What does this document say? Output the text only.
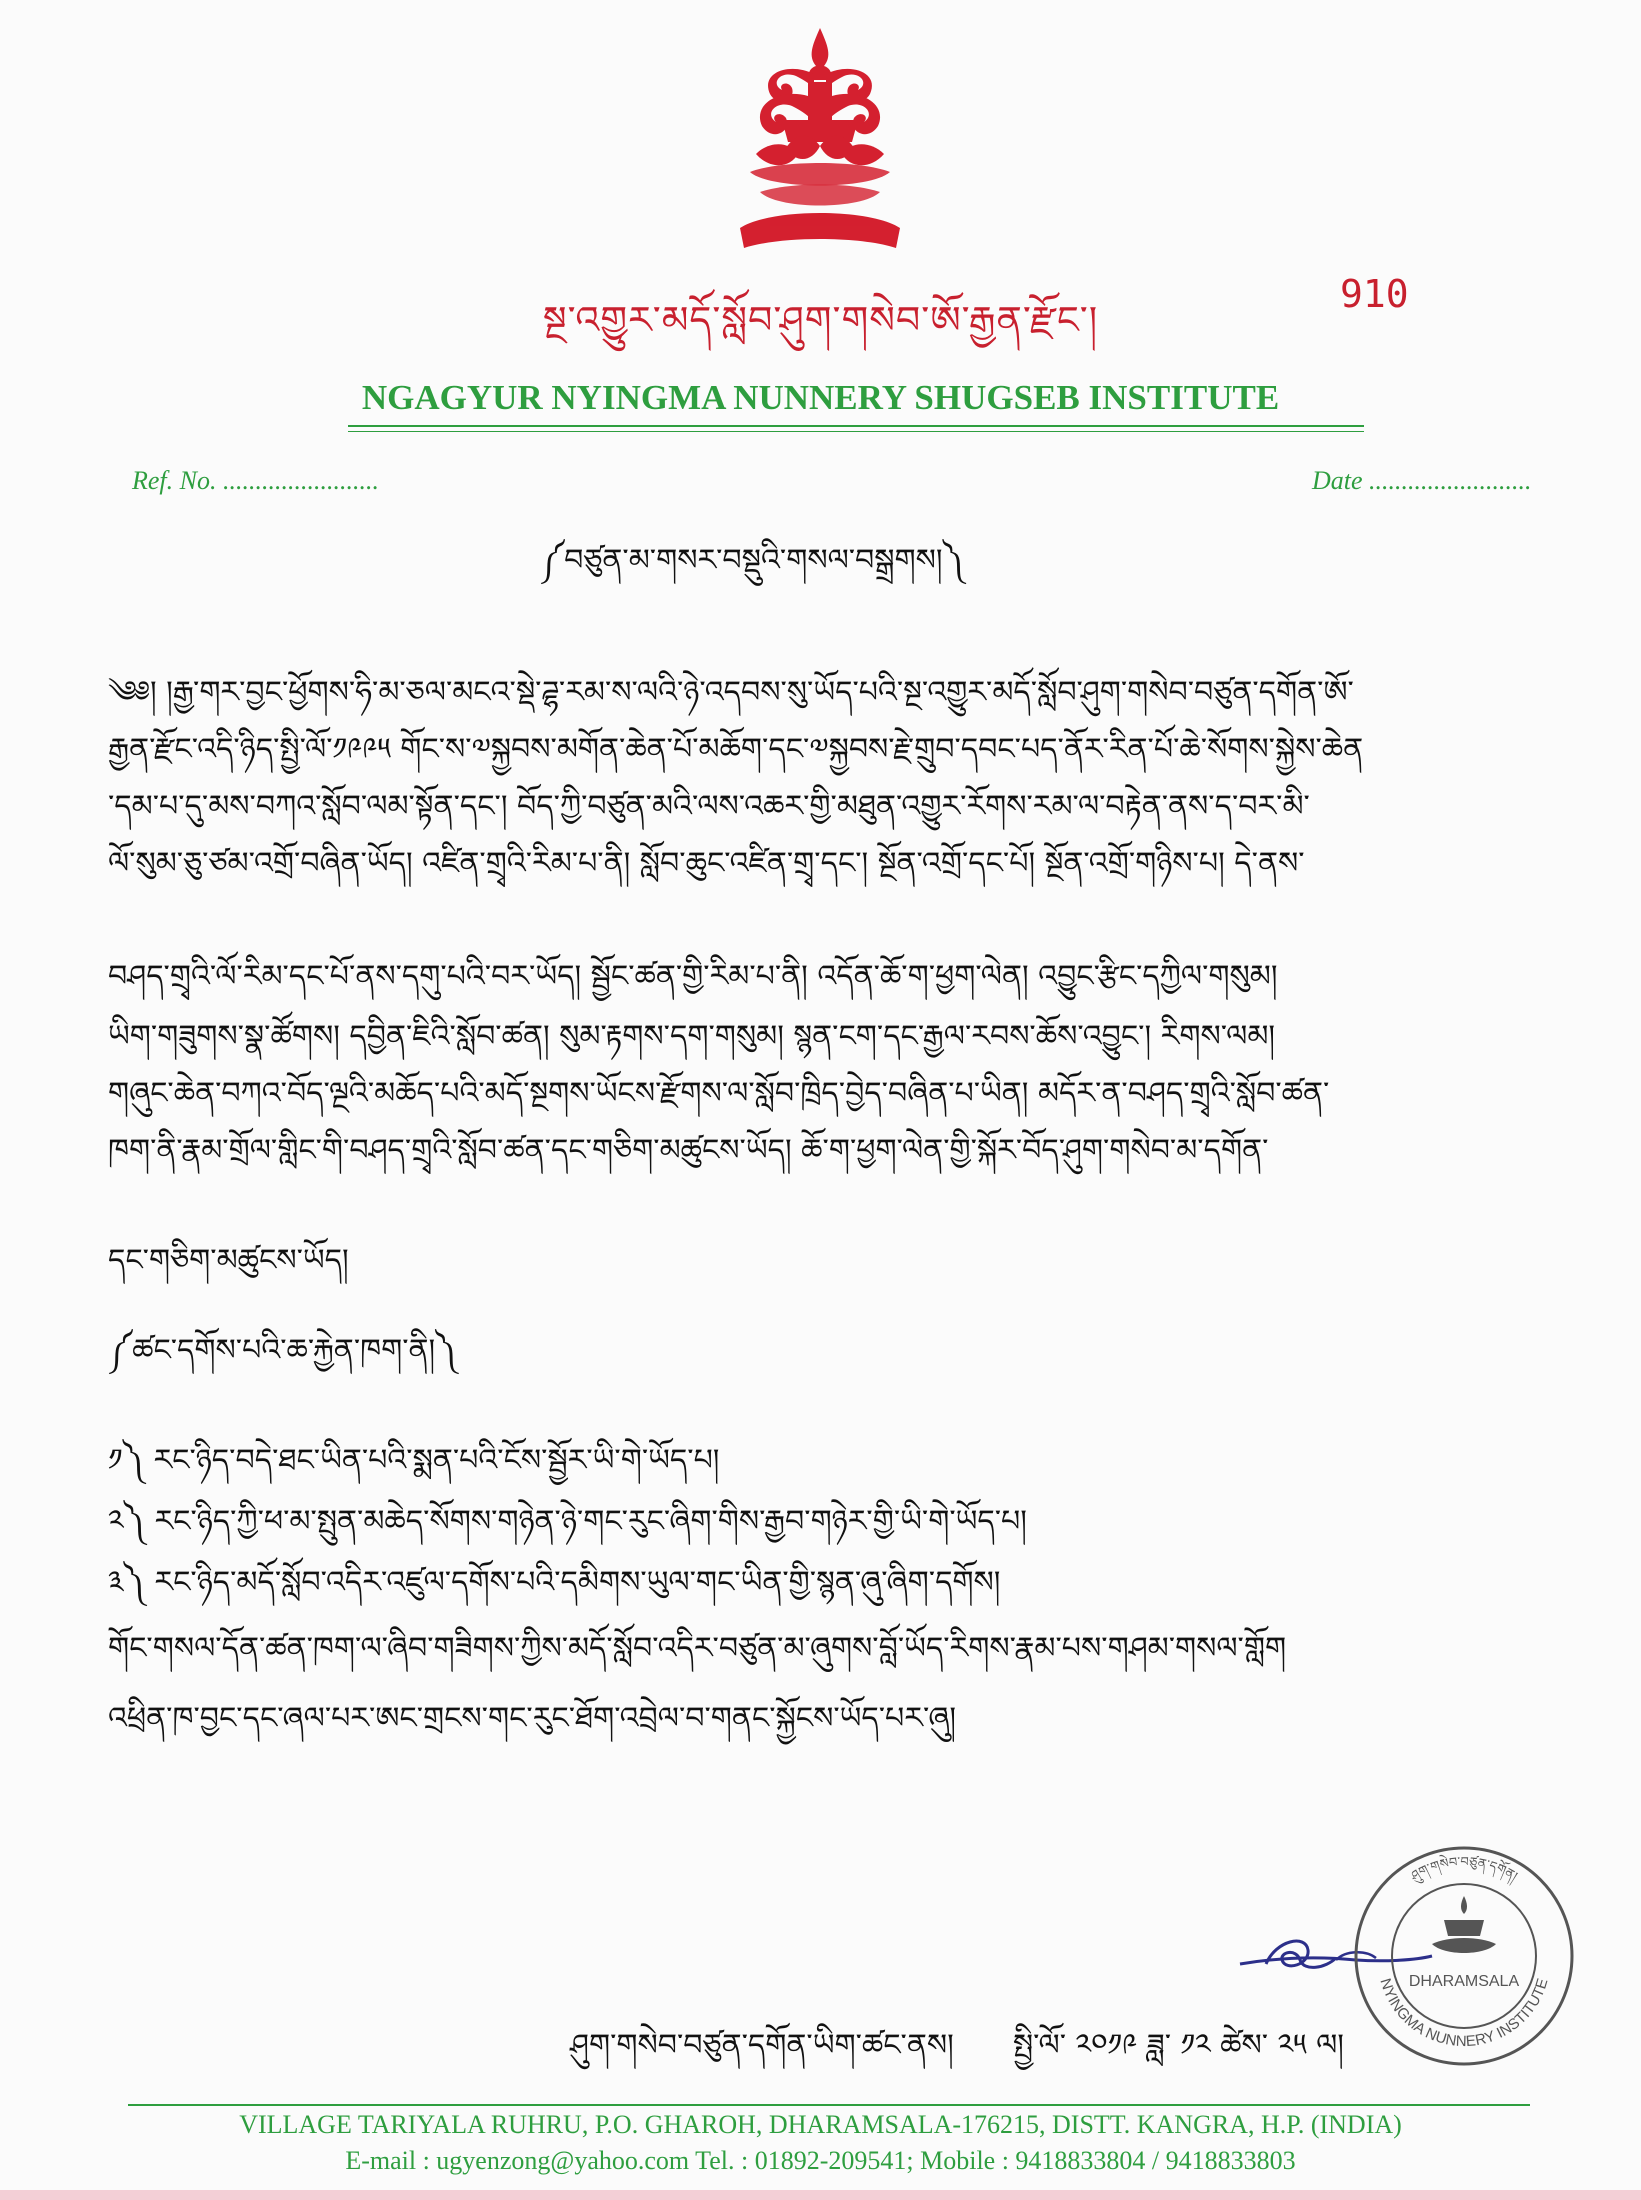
སྔ་འགྱུར་མདོ་སློབ་ཤུག་གསེབ་ཨོ་རྒྱན་རྫོང་།
910
NGAGYUR NYINGMA NUNNERY SHUGSEB INSTITUTE
Ref. No. ........................	Date .........................
༼བཙུན་མ་གསར་བསྡུའི་གསལ་བསྒྲགས།༽
༄༅། །རྒྱ་གར་བྱང་ཕྱོགས་ཧི་མ་ཅལ་མངའ་སྡེ་ཌྷ་རམ་ས་ལའི་ཉེ་འདབས་སུ་ཡོད་པའི་སྔ་འགྱུར་མདོ་སློབ་ཤུག་གསེབ་བཙུན་དགོན་ཨོ་
རྒྱན་རྫོང་འདི་ཉིད་སྤྱི་ལོ་༡༩༩༥ གོང་ས་༧སྐྱབས་མགོན་ཆེན་པོ་མཆོག་དང་༧སྐྱབས་རྗེ་གྲུབ་དབང་པད་ནོར་རིན་པོ་ཆེ་སོགས་སྐྱེས་ཆེན
་དམ་པ་དུ་མས་བཀའ་སློབ་ལམ་སྟོན་དང་། བོད་ཀྱི་བཙུན་མའི་ལས་འཆར་གྱི་མཐུན་འགྱུར་རོགས་རམ་ལ་བརྟེན་ནས་ད་བར་མི་
ལོ་སུམ་ཅུ་ཙམ་འགྲོ་བཞིན་ཡོད། འཛིན་གྲྭའི་རིམ་པ་ནི། སློབ་ཆུང་འཛིན་གྲྭ་དང་། སྔོན་འགྲོ་དང་པོ། སྔོན་འགྲོ་གཉིས་པ། དེ་ནས་
བཤད་གྲྭའི་ལོ་རིམ་དང་པོ་ནས་དགུ་པའི་བར་ཡོད། སྦྱོང་ཚན་གྱི་རིམ་པ་ནི། འདོན་ཆོ་ག་ཕྱག་ལེན། འབྱུང་རྩིང་དཀྱིལ་གསུམ།
ཡིག་གཟུགས་སྣ་ཚོགས། དབྱིན་ཇིའི་སློབ་ཚན། སུམ་རྟགས་དག་གསུམ། སྙན་ངག་དང་རྒྱལ་རབས་ཆོས་འབྱུང་། རིགས་ལམ།
གཞུང་ཆེན་བཀའ་བོད་ལྔའི་མཆོད་པའི་མདོ་སྔགས་ཡོངས་རྫོགས་ལ་སློབ་ཁྲིད་བྱེད་བཞིན་པ་ཡིན། མདོར་ན་བཤད་གྲྭའི་སློབ་ཚན་
ཁག་ནི་རྣམ་གྲོལ་གླིང་གི་བཤད་གྲྭའི་སློབ་ཚན་དང་གཅིག་མཚུངས་ཡོད། ཆོ་ག་ཕྱག་ལེན་གྱི་སྐོར་བོད་ཤུག་གསེབ་མ་དགོན་
དང་གཅིག་མཚུངས་ཡོད།
༼ཚང་དགོས་པའི་ཆ་རྐྱེན་ཁག་ནི།༽
༡༽ རང་ཉིད་བདེ་ཐང་ཡིན་པའི་སྨན་པའི་ངོས་སྦྱོར་ཡི་གེ་ཡོད་པ།
༢༽ རང་ཉིད་ཀྱི་ཕ་མ་སྤུན་མཆེད་སོགས་གཉེན་ཉེ་གང་རུང་ཞིག་གིས་རྒྱབ་གཉེར་གྱི་ཡི་གེ་ཡོད་པ།
༣༽ རང་ཉིད་མདོ་སློབ་འདིར་འཛུལ་དགོས་པའི་དམིགས་ཡུལ་གང་ཡིན་གྱི་སྙན་ཞུ་ཞིག་དགོས།
གོང་གསལ་དོན་ཚན་ཁག་ལ་ཞིབ་གཟིགས་ཀྱིས་མདོ་སློབ་འདིར་བཙུན་མ་ཞུགས་བློ་ཡོད་རིགས་རྣམ་པས་གཤམ་གསལ་གློག
འཕྲིན་ཁ་བྱང་དང་ཞལ་པར་ཨང་གྲངས་གང་རུང་ཐོག་འབྲེལ་བ་གནང་སྐྱོངས་ཡོད་པར་ཞུ།
ཤུག་གསེབ་བཙུན་དགོན་ཡིག་ཚང་ནས། སྤྱི་ལོ་ ༢༠༡༩ ཟླ་ ༡༢ ཚེས་ ༢༥ ལ།
ཤུག་གསེབ་བཙུན་དགོན།
NYINGMA NUNNERY INSTITUTE
DHARAMSALA
VILLAGE TARIYALA RUHRU, P.O. GHAROH, DHARAMSALA-176215, DISTT. KANGRA, H.P. (INDIA)
E-mail : ugyenzong@yahoo.com Tel. : 01892-209541; Mobile : 9418833804 / 9418833803
